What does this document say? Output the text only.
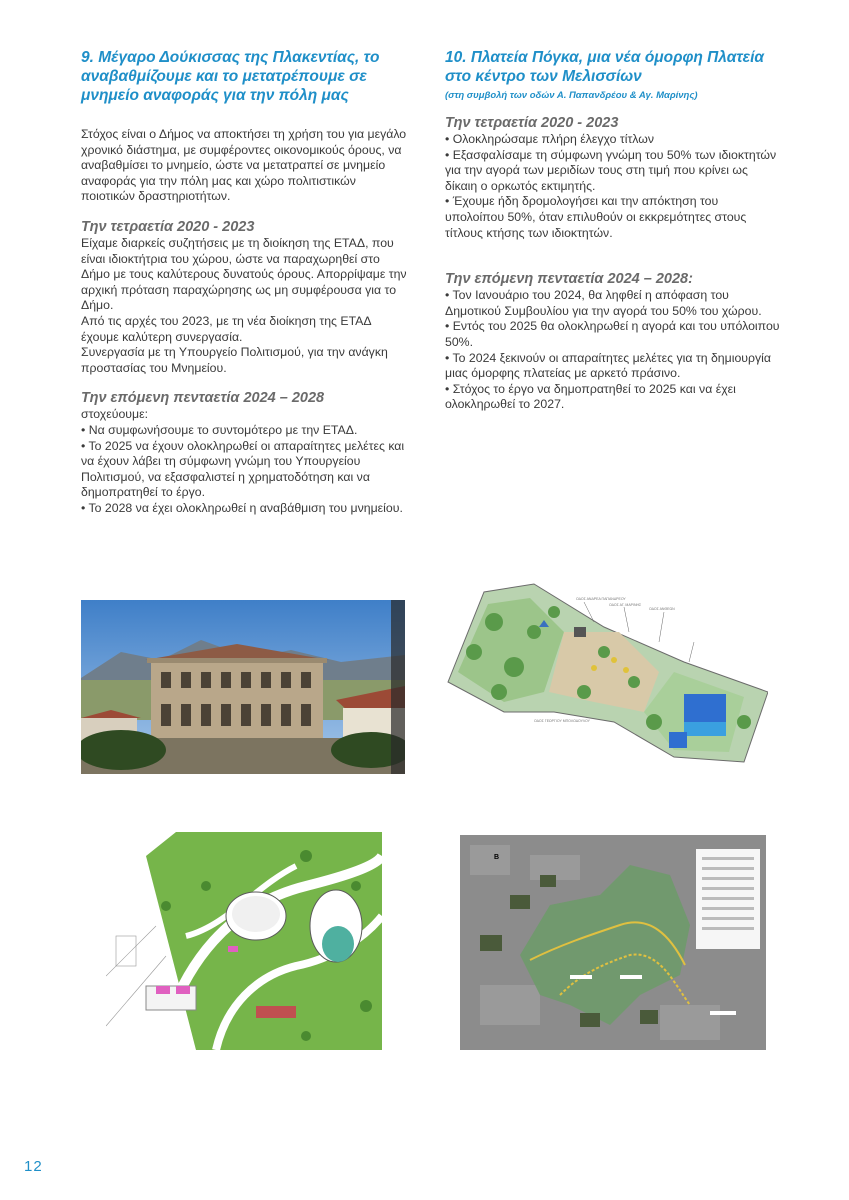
9. Μέγαρο Δούκισσας της Πλακεντίας, το αναβαθμίζουμε και το μετατρέπουμε σε μνημείο αναφοράς για την πόλη μας
Στόχος είναι ο Δήμος να αποκτήσει τη χρήση του για μεγάλο χρονικό διάστημα, με συμφέροντες οικονομικούς όρους, να αναβαθμίσει το μνημείο, ώστε να μετατραπεί σε μνημείο αναφοράς για την πόλη μας και χώρο πολιτιστικών ποιοτικών δραστηριοτήτων.
Την τετραετία 2020 - 2023
Είχαμε διαρκείς συζητήσεις με τη διοίκηση της ΕΤΑΔ, που είναι ιδιοκτήτρια του χώρου, ώστε να παραχωρηθεί στο Δήμο με τους καλύτερους δυνατούς όρους. Απορρίψαμε την αρχική πρόταση παραχώρησης ως μη συμφέρουσα για το Δήμο.
Από τις αρχές του 2023, με τη νέα διοίκηση της ΕΤΑΔ έχουμε καλύτερη συνεργασία.
Συνεργασία με τη Υπουργείο Πολιτισμού, για την ανάγκη προστασίας του Μνημείου.
Την επόμενη πενταετία 2024 – 2028
στοχεύουμε:
• Να συμφωνήσουμε το συντομότερο με την ΕΤΑΔ.
• Το 2025 να έχουν ολοκληρωθεί οι απαραίτητες μελέτες και να έχουν λάβει τη σύμφωνη γνώμη του Υπουργείου Πολιτισμού, να εξασφαλιστεί η χρηματοδότηση και να δημοπρατηθεί το έργο.
• Το 2028 να έχει ολοκληρωθεί η αναβάθμιση του μνημείου.
10. Πλατεία Πόγκα, μια νέα όμορφη Πλατεία στο κέντρο των Μελισσίων
(στη συμβολή των οδών Α. Παπανδρέου & Αγ. Μαρίνης)
Την τετραετία 2020 - 2023
• Ολοκληρώσαμε πλήρη έλεγχο τίτλων
• Εξασφαλίσαμε τη σύμφωνη γνώμη του 50% των ιδιοκτητών για την αγορά των μεριδίων τους στη τιμή που κρίνει ως δίκαιη ο ορκωτός εκτιμητής.
• Έχουμε ήδη δρομολογήσει και την απόκτηση του υπολοίπου 50%, όταν επιλυθούν οι εκκρεμότητες στους τίτλους κτήσης των ιδιοκτητών.
Την επόμενη πενταετία 2024 – 2028:
• Τον Ιανουάριο του 2024, θα ληφθεί η απόφαση του Δημοτικού Συμβουλίου για την αγορά του 50% του χώρου.
• Εντός του 2025 θα ολοκληρωθεί η αγορά και του υπόλοιπου 50%.
• Το 2024 ξεκινούν οι απαραίτητες μελέτες για τη δημιουργία μιας όμορφης πλατείας με αρκετό πράσινο.
• Στόχος το έργο να δημοπρατηθεί το 2025 και να έχει ολοκληρωθεί το 2027.
ΟΔΟΣ ΑΝΔΡΕΑ ΠΑΠΑΝΔΡΕΟΥ
ΟΔΟΣ ΑΓ. ΜΑΡΙΝΗΣ
ΟΔΟΣ ΑΝΘΕΩΝ
ΟΔΟΣ ΓΕΩΡΓΙΟΥ ΜΠΟΛΟΔΟΥΛΟΥ
B
12
